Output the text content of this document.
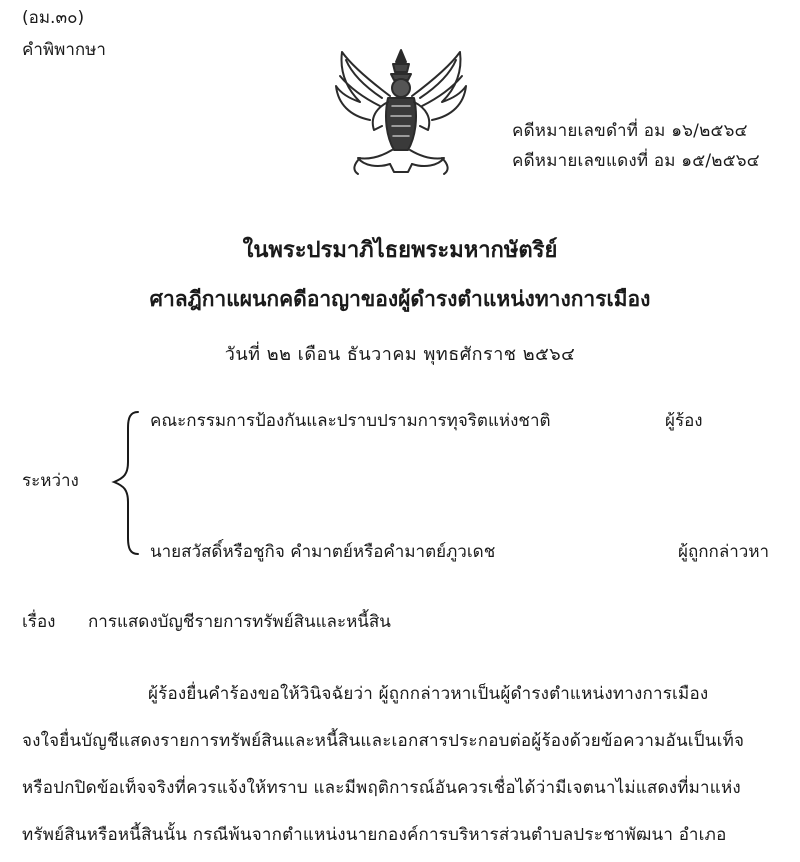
(อม.๓๐)
คำพิพากษา
คดีหมายเลขดำที่ อม ๑๖/๒๕๖๔
คดีหมายเลขแดงที่ อม ๑๕/๒๕๖๔
ในพระปรมาภิไธยพระมหากษัตริย์
ศาลฎีกาแผนกคดีอาญาของผู้ดำรงตำแหน่งทางการเมือง
วันที่ ๒๒ เดือน ธันวาคม พุทธศักราช ๒๕๖๔
ระหว่าง
คณะกรรมการป้องกันและปราบปรามการทุจริตแห่งชาติ	ผู้ร้อง
นายสวัสดิ์หรือชูกิจ คำมาตย์หรือคำมาตย์ภูวเดช	ผู้ถูกกล่าวหา
เรื่อง การแสดงบัญชีรายการทรัพย์สินและหนี้สิน
ผู้ร้องยื่นคำร้องขอให้วินิจฉัยว่า ผู้ถูกกล่าวหาเป็นผู้ดำรงตำแหน่งทางการเมือง
จงใจยื่นบัญชีแสดงรายการทรัพย์สินและหนี้สินและเอกสารประกอบต่อผู้ร้องด้วยข้อความอันเป็นเท็จ
หรือปกปิดข้อเท็จจริงที่ควรแจ้งให้ทราบ และมีพฤติการณ์อันควรเชื่อได้ว่ามีเจตนาไม่แสดงที่มาแห่ง
ทรัพย์สินหรือหนี้สินนั้น กรณีพ้นจากตำแหน่งนายกองค์การบริหารส่วนตำบลประชาพัฒนา อำเภอ
